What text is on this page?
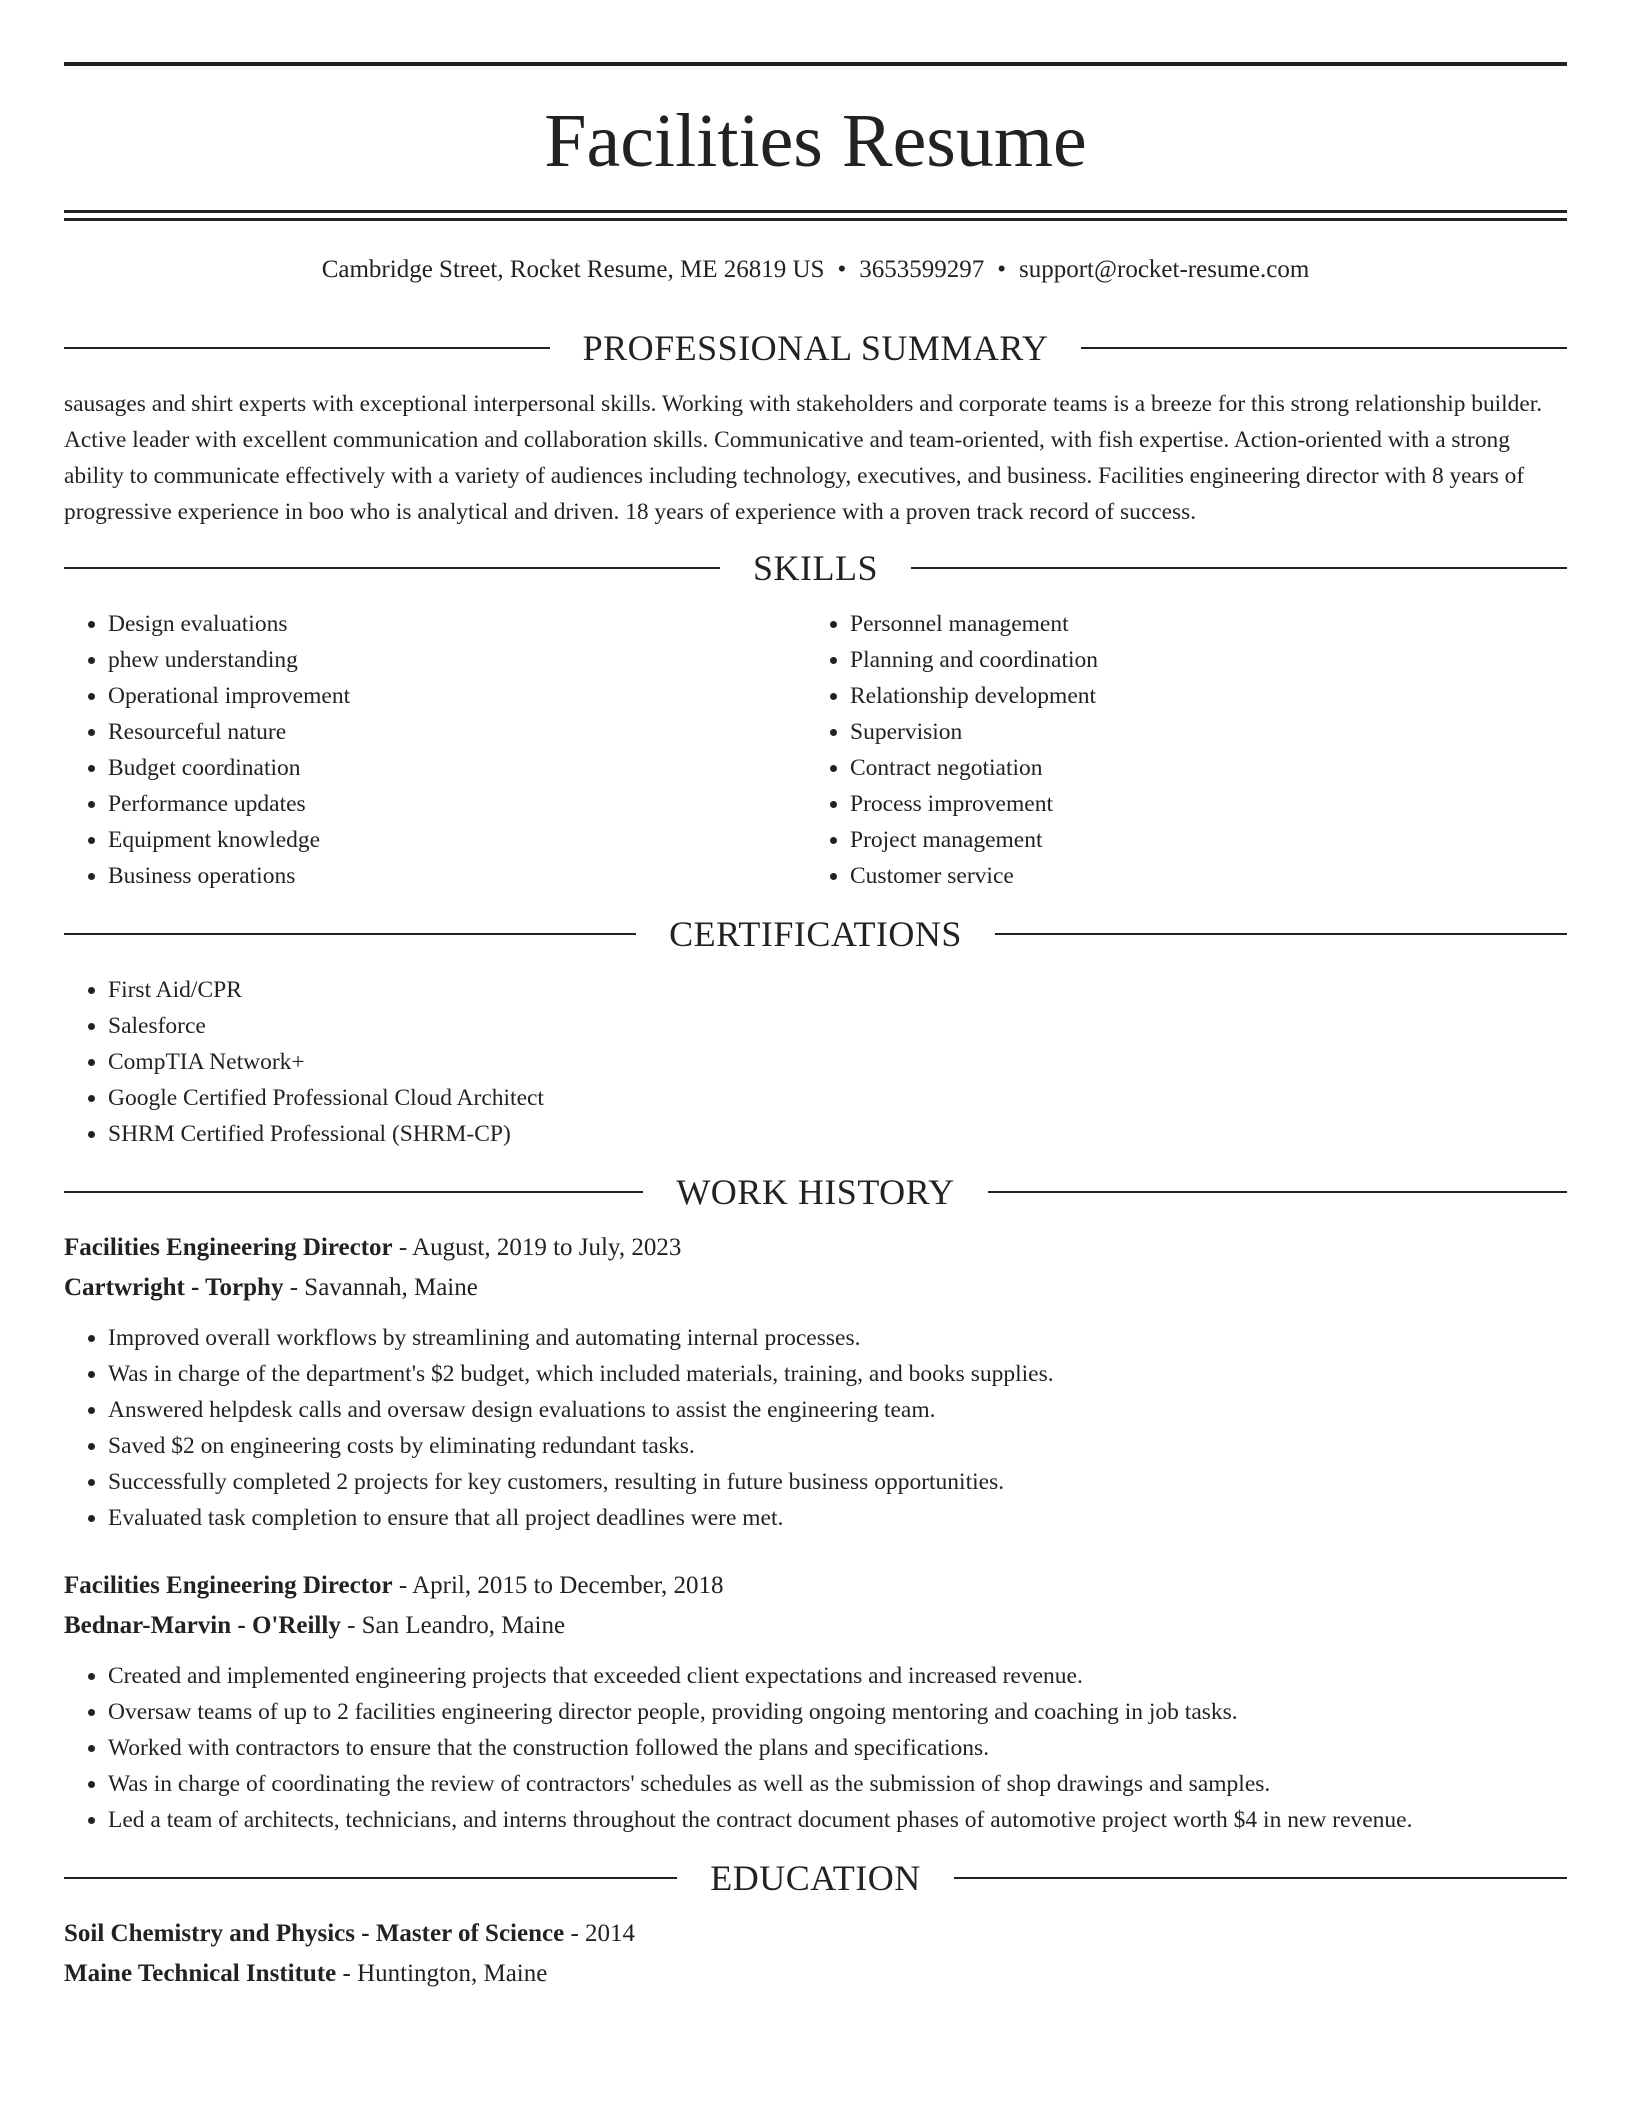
Facilities Resume
Cambridge Street, Rocket Resume, ME 26819 US • 3653599297 • support@rocket-resume.com
PROFESSIONAL SUMMARY
sausages and shirt experts with exceptional interpersonal skills. Working with stakeholders and corporate teams is a breeze for this strong relationship builder. Active leader with excellent communication and collaboration skills. Communicative and team-oriented, with fish expertise. Action-oriented with a strong ability to communicate effectively with a variety of audiences including technology, executives, and business. Facilities engineering director with 8 years of progressive experience in boo who is analytical and driven. 18 years of experience with a proven track record of success.
SKILLS
• Design evaluations
• phew understanding
• Operational improvement
• Resourceful nature
• Budget coordination
• Performance updates
• Equipment knowledge
• Business operations
• Personnel management
• Planning and coordination
• Relationship development
• Supervision
• Contract negotiation
• Process improvement
• Project management
• Customer service
CERTIFICATIONS
• First Aid/CPR
• Salesforce
• CompTIA Network+
• Google Certified Professional Cloud Architect
• SHRM Certified Professional (SHRM-CP)
WORK HISTORY
Facilities Engineering Director - August, 2019 to July, 2023
Cartwright - Torphy - Savannah, Maine
• Improved overall workflows by streamlining and automating internal processes.
• Was in charge of the department's $2 budget, which included materials, training, and books supplies.
• Answered helpdesk calls and oversaw design evaluations to assist the engineering team.
• Saved $2 on engineering costs by eliminating redundant tasks.
• Successfully completed 2 projects for key customers, resulting in future business opportunities.
• Evaluated task completion to ensure that all project deadlines were met.
Facilities Engineering Director - April, 2015 to December, 2018
Bednar-Marvin - O'Reilly - San Leandro, Maine
• Created and implemented engineering projects that exceeded client expectations and increased revenue.
• Oversaw teams of up to 2 facilities engineering director people, providing ongoing mentoring and coaching in job tasks.
• Worked with contractors to ensure that the construction followed the plans and specifications.
• Was in charge of coordinating the review of contractors' schedules as well as the submission of shop drawings and samples.
• Led a team of architects, technicians, and interns throughout the contract document phases of automotive project worth $4 in new revenue.
EDUCATION
Soil Chemistry and Physics - Master of Science - 2014
Maine Technical Institute - Huntington, Maine
